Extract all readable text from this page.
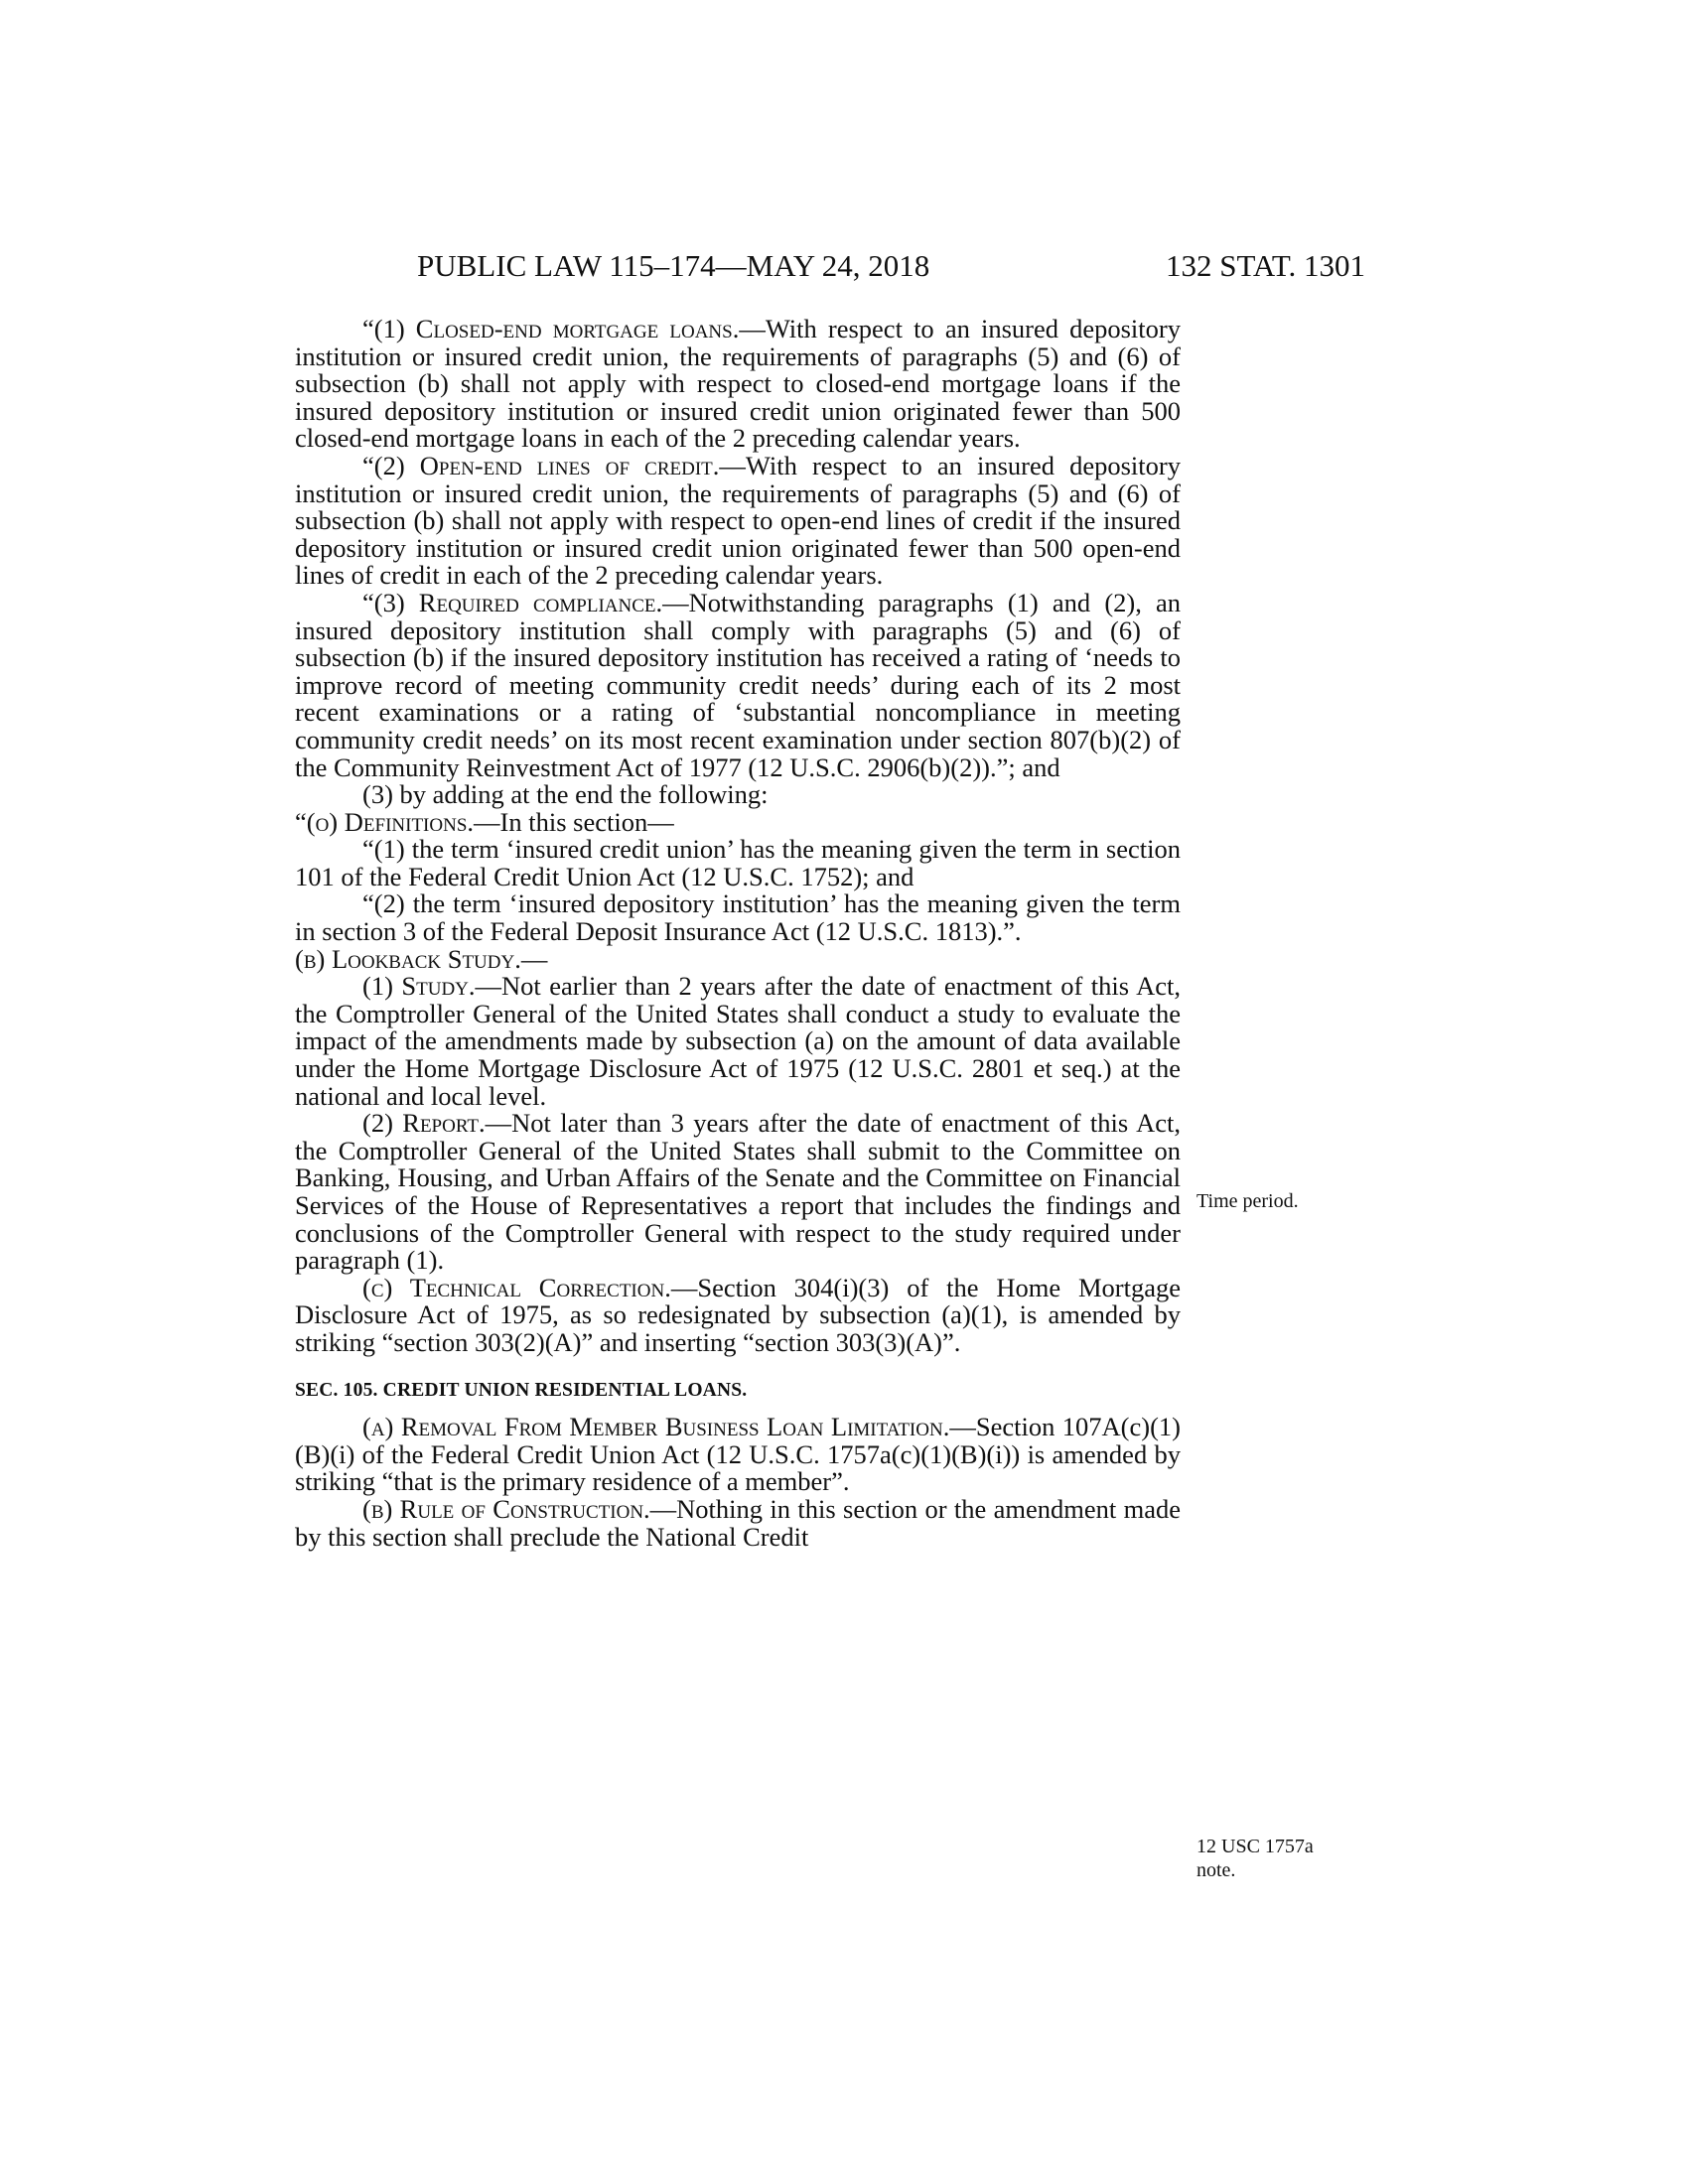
PUBLIC LAW 115–174—MAY 24, 2018	132 STAT. 1301

“(1) Closed-end mortgage loans.—With respect to an insured depository institution or insured credit union, the requirements of paragraphs (5) and (6) of subsection (b) shall not apply with respect to closed-end mortgage loans if the insured depository institution or insured credit union originated fewer than 500 closed-end mortgage loans in each of the 2 preceding calendar years.

“(2) Open-end lines of credit.—With respect to an insured depository institution or insured credit union, the requirements of paragraphs (5) and (6) of subsection (b) shall not apply with respect to open-end lines of credit if the insured depository institution or insured credit union originated fewer than 500 open-end lines of credit in each of the 2 preceding calendar years.

“(3) Required compliance.—Notwithstanding paragraphs (1) and (2), an insured depository institution shall comply with paragraphs (5) and (6) of subsection (b) if the insured depository institution has received a rating of ‘needs to improve record of meeting community credit needs’ during each of its 2 most recent examinations or a rating of ‘substantial noncompliance in meeting community credit needs’ on its most recent examination under section 807(b)(2) of the Community Reinvestment Act of 1977 (12 U.S.C. 2906(b)(2)).”; and

(3) by adding at the end the following:

“(o) Definitions.—In this section—

“(1) the term ‘insured credit union’ has the meaning given the term in section 101 of the Federal Credit Union Act (12 U.S.C. 1752); and

“(2) the term ‘insured depository institution’ has the meaning given the term in section 3 of the Federal Deposit Insurance Act (12 U.S.C. 1813).”.

(b) Lookback Study.—

(1) Study.—Not earlier than 2 years after the date of enactment of this Act, the Comptroller General of the United States shall conduct a study to evaluate the impact of the amendments made by subsection (a) on the amount of data available under the Home Mortgage Disclosure Act of 1975 (12 U.S.C. 2801 et seq.) at the national and local level.

(2) Report.—Not later than 3 years after the date of enactment of this Act, the Comptroller General of the United States shall submit to the Committee on Banking, Housing, and Urban Affairs of the Senate and the Committee on Financial Services of the House of Representatives a report that includes the findings and conclusions of the Comptroller General with respect to the study required under paragraph (1).

(c) Technical Correction.—Section 304(i)(3) of the Home Mortgage Disclosure Act of 1975, as so redesignated by subsection (a)(1), is amended by striking “section 303(2)(A)” and inserting “section 303(3)(A)”.

SEC. 105. CREDIT UNION RESIDENTIAL LOANS.

(a) Removal From Member Business Loan Limitation.—Section 107A(c)(1)(B)(i) of the Federal Credit Union Act (12 U.S.C. 1757a(c)(1)(B)(i)) is amended by striking “that is the primary residence of a member”.

(b) Rule of Construction.—Nothing in this section or the amendment made by this section shall preclude the National Credit

Time period.
12 USC 1757a
note.
